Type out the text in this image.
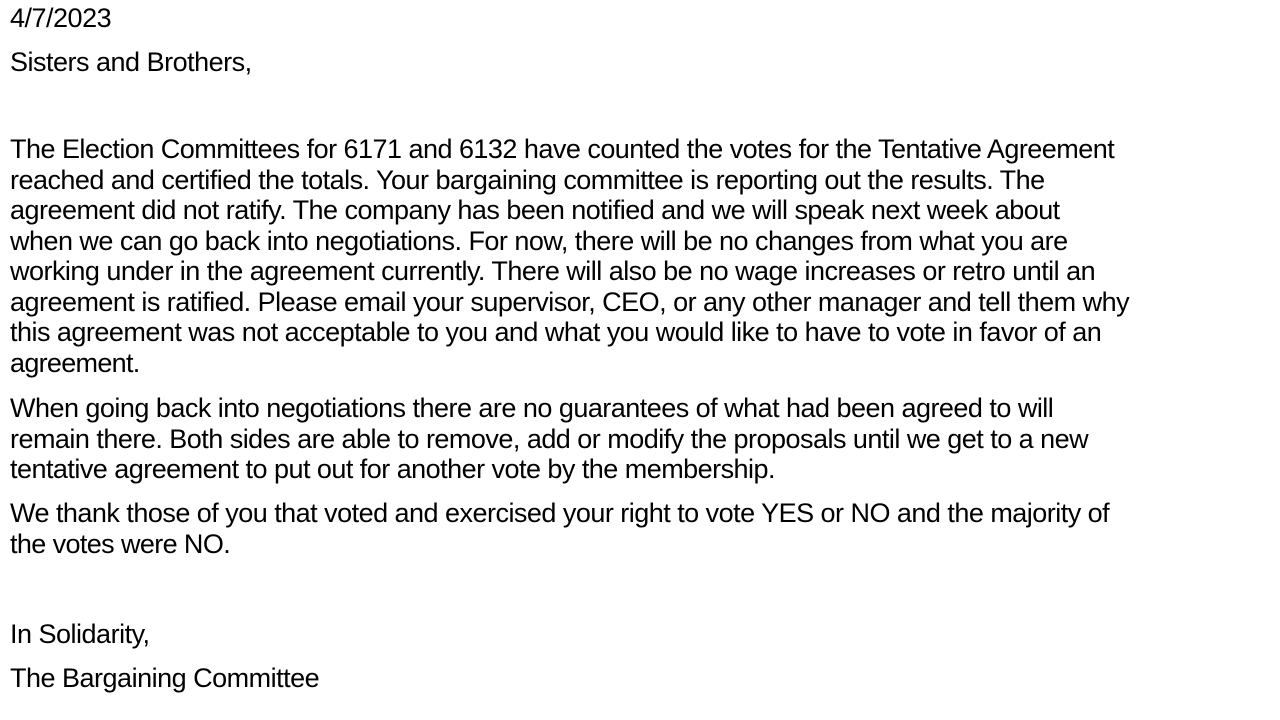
4/7/2023
Sisters and Brothers,
The Election Committees for 6171 and 6132 have counted the votes for the Tentative Agreement
reached and certified the totals. Your bargaining committee is reporting out the results. The
agreement did not ratify. The company has been notified and we will speak next week about
when we can go back into negotiations. For now, there will be no changes from what you are
working under in the agreement currently. There will also be no wage increases or retro until an
agreement is ratified. Please email your supervisor, CEO, or any other manager and tell them why
this agreement was not acceptable to you and what you would like to have to vote in favor of an
agreement.
When going back into negotiations there are no guarantees of what had been agreed to will
remain there. Both sides are able to remove, add or modify the proposals until we get to a new
tentative agreement to put out for another vote by the membership.
We thank those of you that voted and exercised your right to vote YES or NO and the majority of
the votes were NO.
In Solidarity,
The Bargaining Committee
